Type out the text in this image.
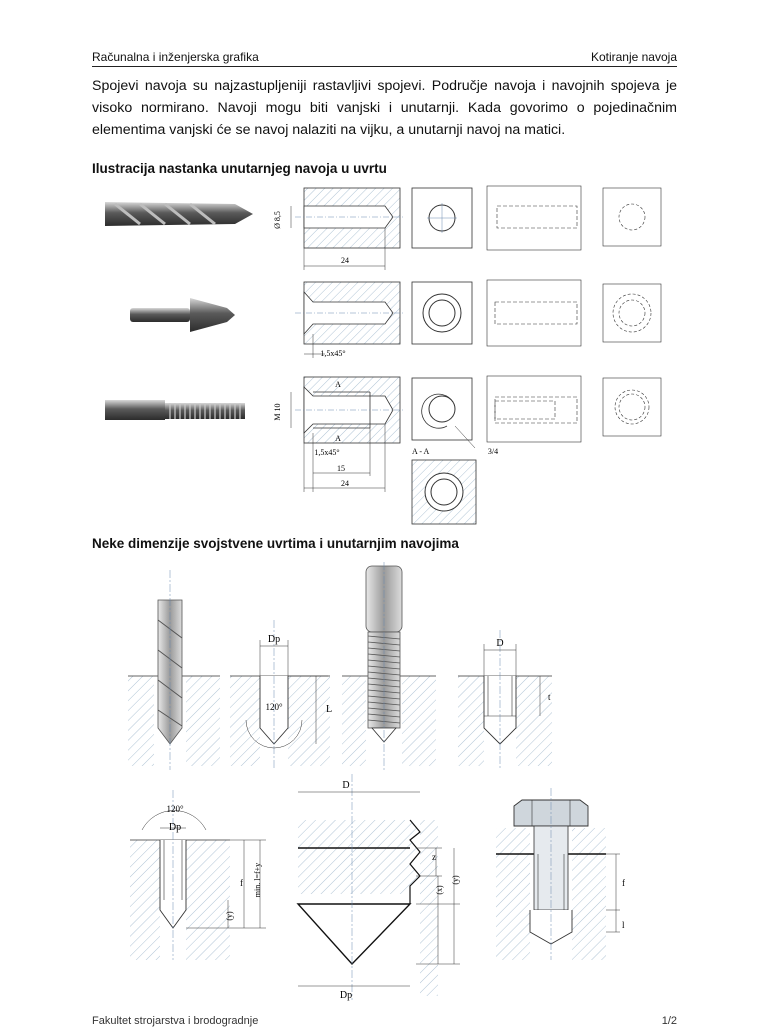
Računalna i inženjerska grafika	Kotiranje navoja
Spojevi navoja su najzastupljeniji rastavljivi spojevi. Područje navoja i navojnih spojeva je visoko normirano. Navoji mogu biti vanjski i unutarnji. Kada govorimo o pojedinačnim elementima vanjski će se navoj nalaziti na vijku, a unutarnji navoj na matici.
Ilustracija nastanka unutarnjeg navoja u uvrtu
Ø 8,5
24
1,5x45°
A
A
M 10
1,5x45°
15
24
3/4
A - A
Neke dimenzije svojstvene uvrtima i unutarnjim navojima
Dp
120°	L
D
t
120°
Dp
f min. l=f+y
(y)
D
z
(x)
(y)
Dp
f
l
Fakultet strojarstva i brodogradnje	1/2
